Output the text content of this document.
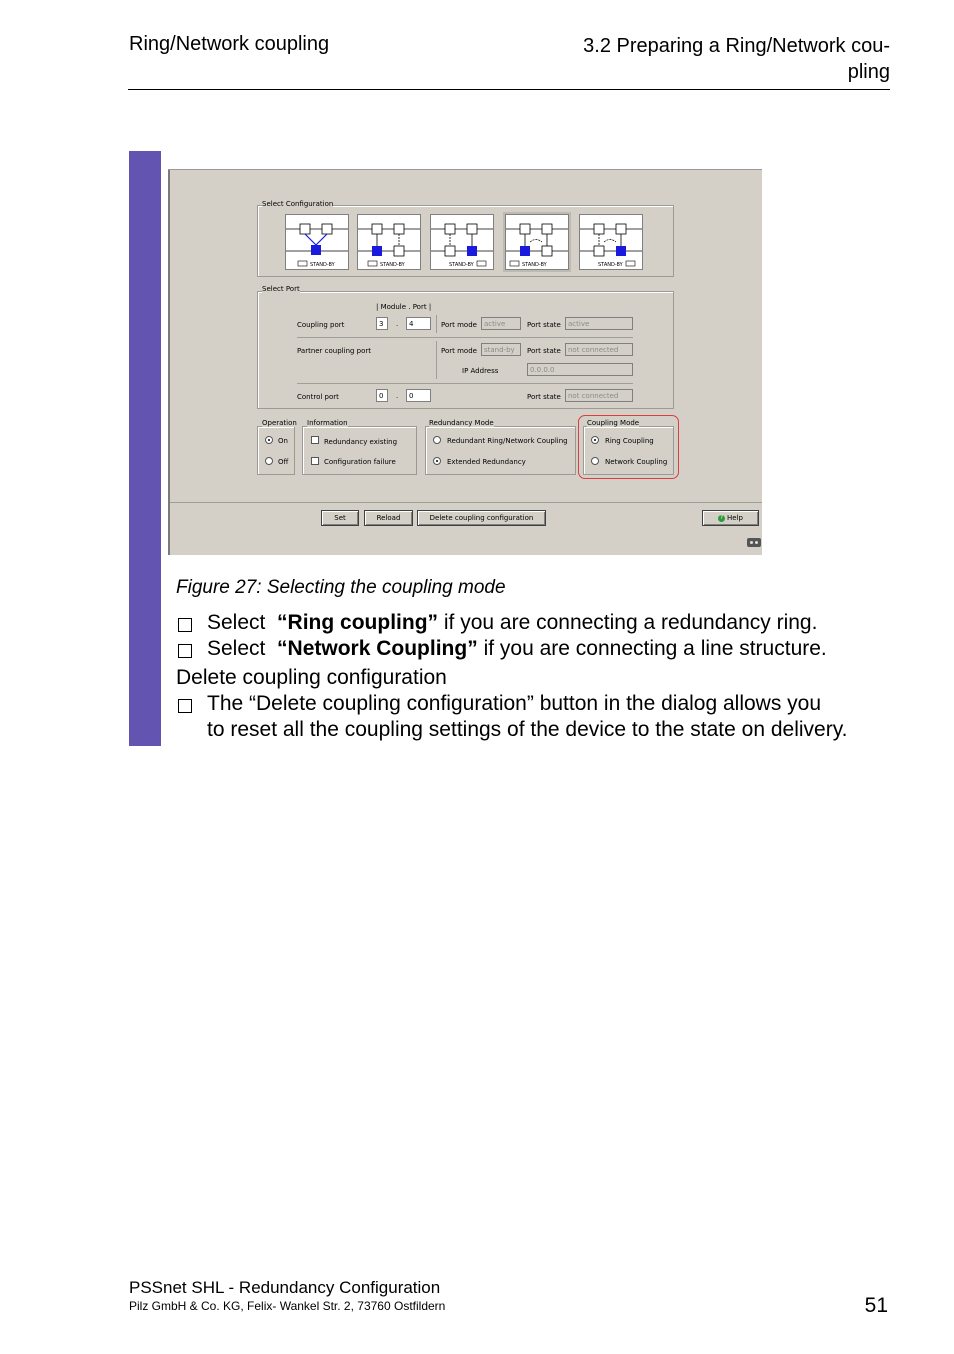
Ring/Network coupling	3.2 Preparing a Ring/Network cou-
pling
Select Configuration
STAND-BY	STAND-BY	STAND-BY	STAND-BY	STAND-BY
Select Port
| Module . Port |
Coupling port	3	.	4	Port mode	active	Port state	active
Partner coupling port	Port mode	stand-by	Port state	not connected
IP Address	0.0.0.0
Control port	0	.	0	Port state	not connected
Operation
On
Off
Information
Redundancy existing
Configuration failure
Redundancy Mode
Redundant Ring/Network Coupling
Extended Redundancy
Coupling Mode
Ring Coupling
Network Coupling
Set	Reload	Delete coupling configuration	? Help
Figure 27: Selecting the coupling mode
Select “Ring coupling” if you are connecting a redundancy ring.
Select “Network Coupling” if you are connecting a line structure.
Delete coupling configuration
The “Delete coupling configuration” button in the dialog allows you
to reset all the coupling settings of the device to the state on delivery.
PSSnet SHL - Redundancy Configuration
Pilz GmbH & Co. KG, Felix- Wankel Str. 2, 73760 Ostfildern	51
